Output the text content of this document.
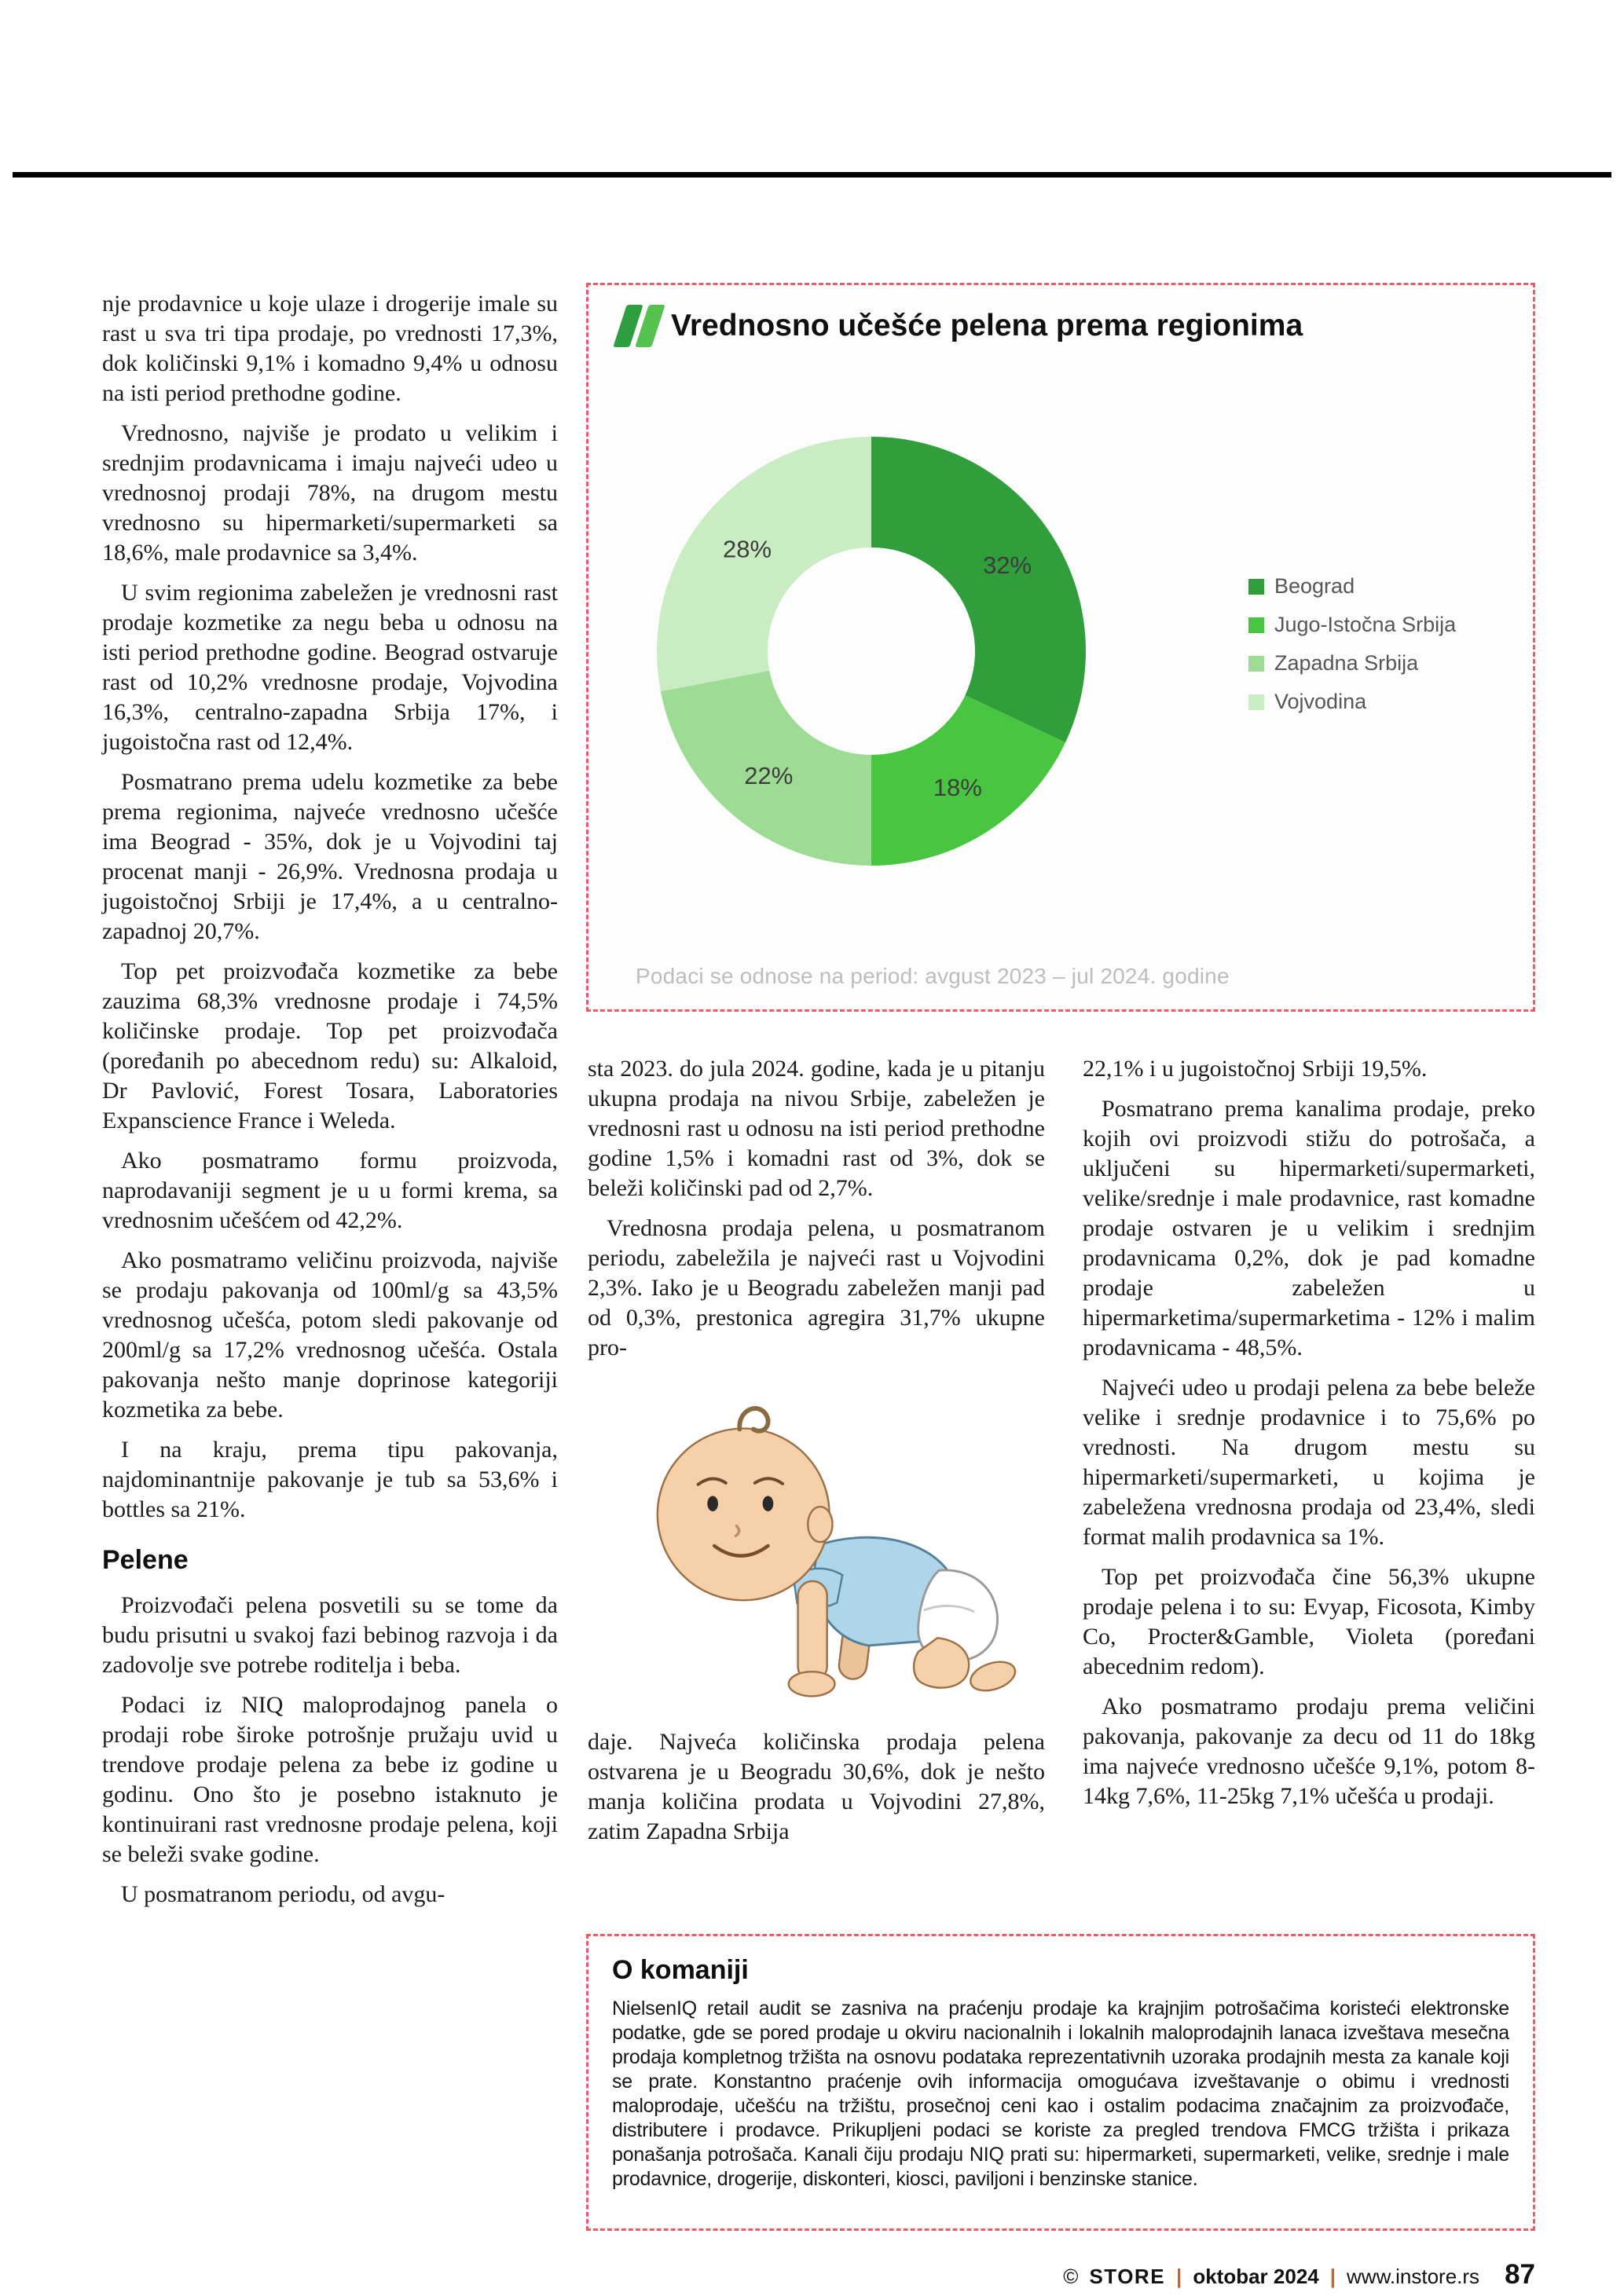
nje prodavnice u koje ulaze i drogerije imale su rast u sva tri tipa prodaje, po vrednosti 17,3%, dok količinski 9,1% i komadno 9,4% u odnosu na isti period prethodne godine.

Vrednosno, najviše je prodato u velikim i srednjim prodavnicama i imaju najveći udeo u vrednosnoj prodaji 78%, na drugom mestu vrednosno su hipermarketi/supermarketi sa 18,6%, male prodavnice sa 3,4%.

U svim regionima zabeležen je vrednosni rast prodaje kozmetike za negu beba u odnosu na isti period prethodne godine. Beograd ostvaruje rast od 10,2% vrednosne prodaje, Vojvodina 16,3%, centralno-zapadna Srbija 17%, i jugoistočna rast od 12,4%.

Posmatrano prema udelu kozmetike za bebe prema regionima, najveće vrednosno učešće ima Beograd - 35%, dok je u Vojvodini taj procenat manji - 26,9%. Vrednosna prodaja u jugoistočnoj Srbiji je 17,4%, a u centralno-zapadnoj 20,7%.

Top pet proizvođača kozmetike za bebe zauzima 68,3% vrednosne prodaje i 74,5% količinske prodaje. Top pet proizvođača (poređanih po abecednom redu) su: Alkaloid, Dr Pavlović, Forest Tosara, Laboratories Expanscience France i Weleda.

Ako posmatramo formu proizvoda, naprodavaniji segment je u u formi krema, sa vrednosnim učešćem od 42,2%.

Ako posmatramo veličinu proizvoda, najviše se prodaju pakovanja od 100ml/g sa 43,5% vrednosnog učešća, potom sledi pakovanje od 200ml/g sa 17,2% vrednosnog učešća. Ostala pakovanja nešto manje doprinose kategoriji kozmetika za bebe.

I na kraju, prema tipu pakovanja, najdominantnije pakovanje je tub sa 53,6% i bottles sa 21%.

Pelene

Proizvođači pelena posvetili su se tome da budu prisutni u svakoj fazi bebinog razvoja i da zadovolje sve potrebe roditelja i beba.

Podaci iz NIQ maloprodajnog panela o prodaji robe široke potrošnje pružaju uvid u trendove prodaje pelena za bebe iz godine u godinu. Ono što je posebno istaknuto je kontinuirani rast vrednosne prodaje pelena, koji se beleži svake godine.

U posmatranom periodu, od avgu-

Vrednosno učešće pelena prema regionima
32%
18%
22%
28%
Beograd
Jugo-Istočna Srbija
Zapadna Srbija
Vojvodina
Podaci se odnose na period: avgust 2023 – jul 2024. godine

sta 2023. do jula 2024. godine, kada je u pitanju ukupna prodaja na nivou Srbije, zabeležen je vrednosni rast u odnosu na isti period prethodne godine 1,5% i komadni rast od 3%, dok se beleži količinski pad od 2,7%.

Vrednosna prodaja pelena, u posmatranom periodu, zabeležila je najveći rast u Vojvodini 2,3%. Iako je u Beogradu zabeležen manji pad od 0,3%, prestonica agregira 31,7% ukupne pro-

daje. Najveća količinska prodaja pelena ostvarena je u Beogradu 30,6%, dok je nešto manja količina prodata u Vojvodini 27,8%, zatim Zapadna Srbija

22,1% i u jugoistočnoj Srbiji 19,5%.

Posmatrano prema kanalima prodaje, preko kojih ovi proizvodi stižu do potrošača, a uključeni su hipermarketi/supermarketi, velike/srednje i male prodavnice, rast komadne prodaje ostvaren je u velikim i srednjim prodavnicama 0,2%, dok je pad komadne prodaje zabeležen u hipermarketima/supermarketima - 12% i malim prodavnicama - 48,5%.

Najveći udeo u prodaji pelena za bebe beleže velike i srednje prodavnice i to 75,6% po vrednosti. Na drugom mestu su hipermarketi/supermarketi, u kojima je zabeležena vrednosna prodaja od 23,4%, sledi format malih prodavnica sa 1%.

Top pet proizvođača čine 56,3% ukupne prodaje pelena i to su: Evyap, Ficosota, Kimby Co, Procter&Gamble, Violeta (poređani abecednim redom).

Ako posmatramo prodaju prema veličini pakovanja, pakovanje za decu od 11 do 18kg ima najveće vrednosno učešće 9,1%, potom 8-14kg 7,6%, 11-25kg 7,1% učešća u prodaji.

O komaniji

NielsenIQ retail audit se zasniva na praćenju prodaje ka krajnjim potrošačima koristeći elektronske podatke, gde se pored prodaje u okviru nacionalnih i lokalnih maloprodajnih lanaca izveštava mesečna prodaja kompletnog tržišta na osnovu podataka reprezentativnih uzoraka prodajnih mesta za kanale koji se prate. Konstantno praćenje ovih informacija omogućava izveštavanje o obimu i vrednosti maloprodaje, učešću na tržištu, prosečnoj ceni kao i ostalim podacima značajnim za proizvođače, distributere i prodavce. Prikupljeni podaci se koriste za pregled trendova FMCG tržišta i prikaza ponašanja potrošača. Kanali čiju prodaju NIQ prati su: hipermarketi, supermarketi, velike, srednje i male prodavnice, drogerije, diskonteri, kiosci, paviljoni i benzinske stanice.

© STORE | oktobar 2024 | www.instore.rs 87
